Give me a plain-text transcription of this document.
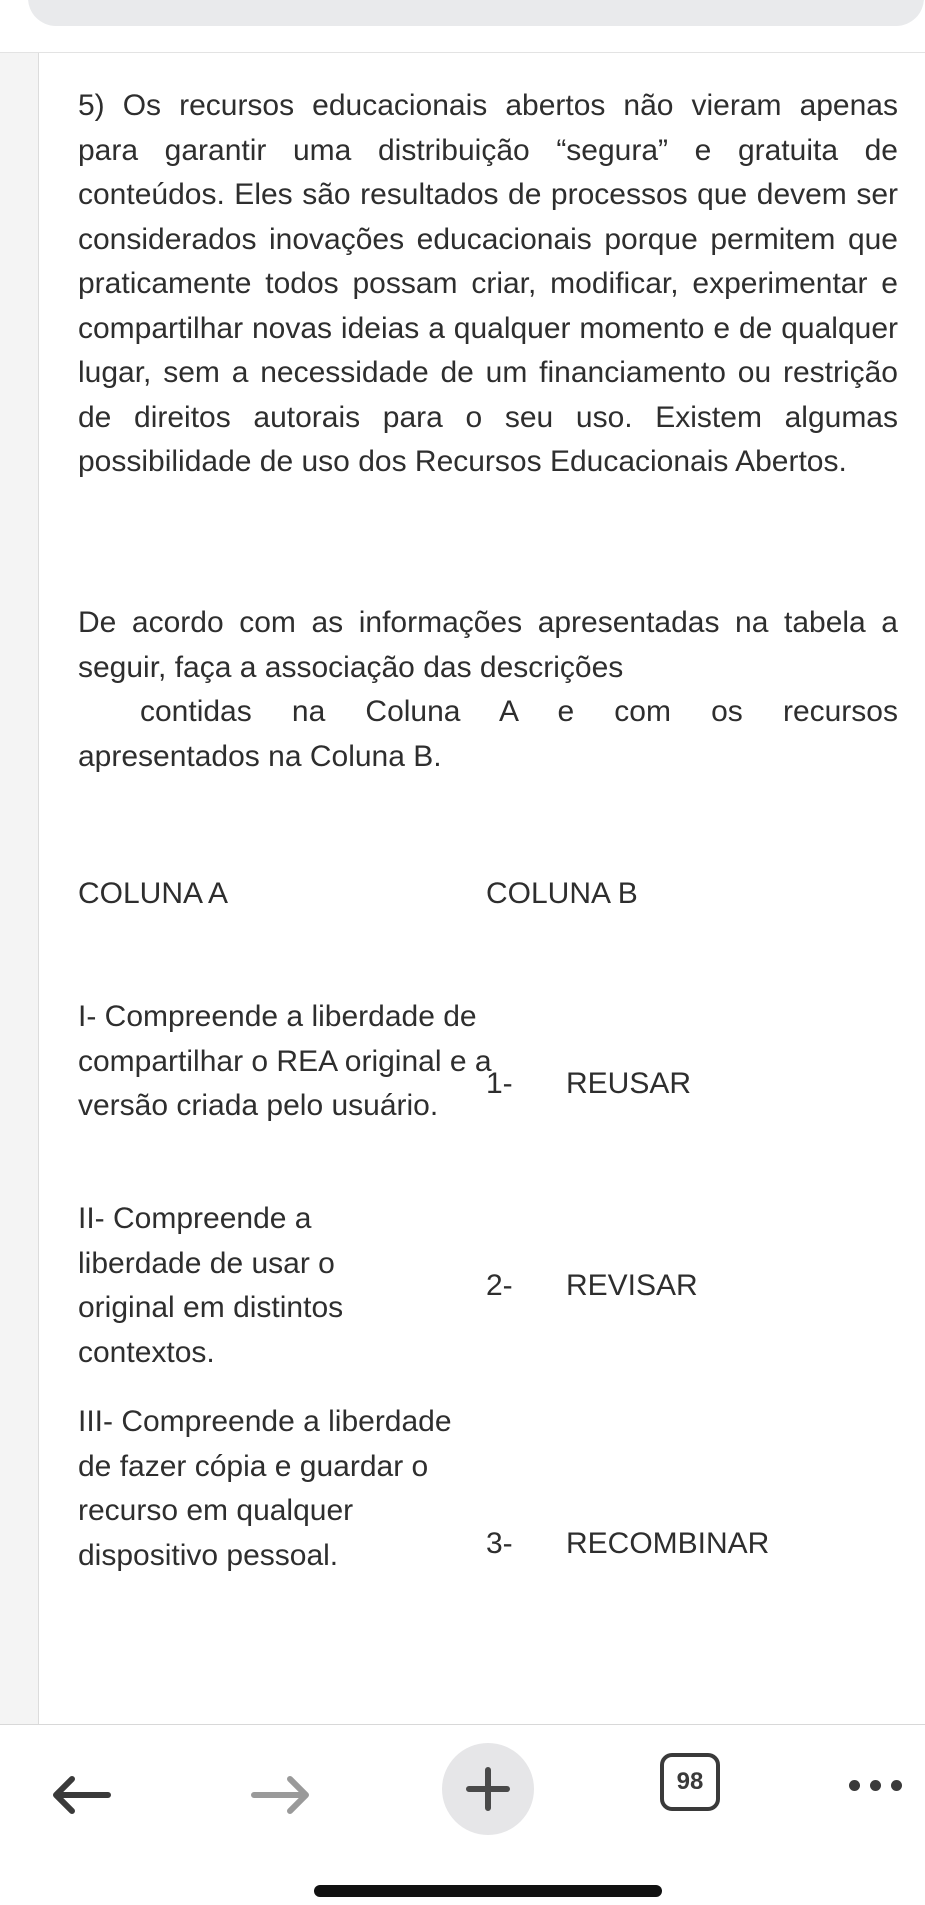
5) Os recursos educacionais abertos não vieram apenas para garantir uma distribuição “segura” e gratuita de conteúdos. Eles são resultados de processos que devem ser considerados inovações educacionais porque permitem que praticamente todos possam criar, modificar, experimentar e compartilhar novas ideias a qualquer momento e de qualquer lugar, sem a necessidade de um financiamento ou restrição de direitos autorais para o seu uso. Existem algumas possibilidade de uso dos Recursos Educacionais Abertos.

De acordo com as informações apresentadas na tabela a seguir, faça a associação das descrições
contidas na Coluna A e com os recursos
apresentados na Coluna B.

COLUNA A	COLUNA B
I- Compreende a liberdade de compartilhar o REA original e a versão criada pelo usuário.
1- REUSAR
II- Compreende a liberdade de usar o original em distintos contextos.
2- REVISAR
III- Compreende a liberdade de fazer cópia e guardar o recurso em qualquer dispositivo pessoal.	3- RECOMBINAR
98
